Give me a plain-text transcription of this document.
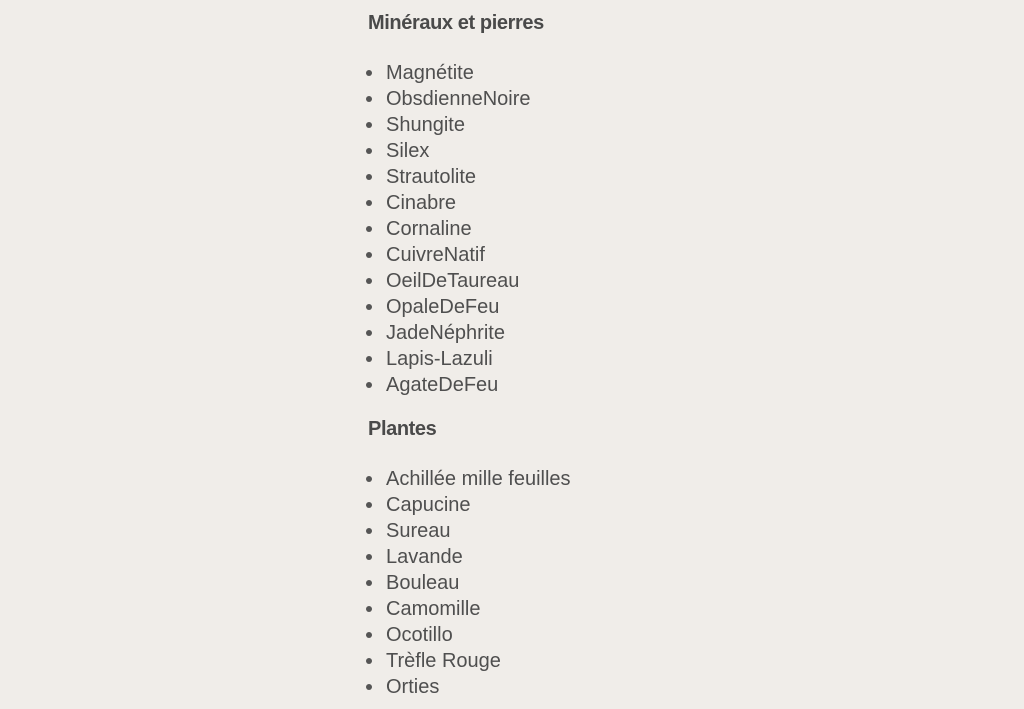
Minéraux et pierres
Magnétite
ObsdienneNoire
Shungite
Silex
Strautolite
Cinabre
Cornaline
CuivreNatif
OeilDeTaureau
OpaleDeFeu
JadeNéphrite
Lapis-Lazuli
AgateDeFeu
Plantes
Achillée mille feuilles
Capucine
Sureau
Lavande
Bouleau
Camomille
Ocotillo
Trèfle Rouge
Orties
